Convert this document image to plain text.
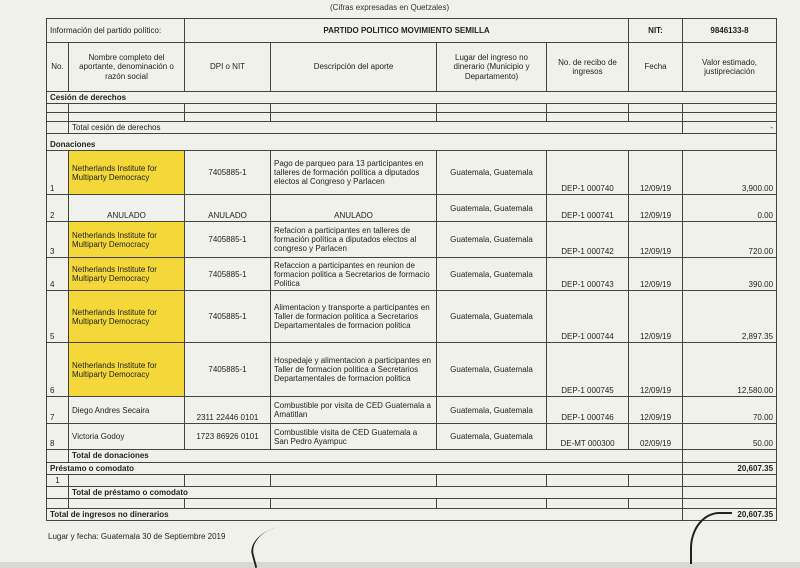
(Cifras expresadas en Quetzales)
Información del partido político:		PARTIDO POLITICO MOVIMIENTO SEMILLA				NIT:	9846133-8
No.	Nombre completo del aportante, denominación o razón social	DPI o NIT	Descripción del aporte	Lugar del ingreso no dinerario (Municipio y Departamento)	No. de recibo de ingresos	Fecha	Valor estimado, justipreciación
Cesión de derechos							

	Total cesión de derechos						-
Donaciones							
1	Netherlands Institute for Multiparty Democracy	7405885-1	Pago de parqueo para 13 participantes en talleres de formación política a diputados electos al Congreso y Parlacen	Guatemala, Guatemala	DEP-1 000740	12/09/19	3,900.00
2	ANULADO	ANULADO	ANULADO	Guatemala, Guatemala	DEP-1 000741	12/09/19	0.00
3	Netherlands Institute for Multiparty Democracy	7405885-1	Refacion a participantes en talleres de formación política a diputados electos al congreso y Parlacen	Guatemala, Guatemala	DEP-1 000742	12/09/19	720.00
4	Netherlands Institute for Multiparty Democracy	7405885-1	Refaccion a participantes en reunion de formacion politica a Secretarios de formacio Politica	Guatemala, Guatemala	DEP-1 000743	12/09/19	390.00
5	Netherlands Institute for Multiparty Democracy	7405885-1	Alimentacion y transporte a participantes en Taller de formacion politica a Secretarios Departamentales de formacion politica	Guatemala, Guatemala	DEP-1 000744	12/09/19	2,897.35
6	Netherlands Institute for Multiparty Democracy	7405885-1	Hospedaje y alimentacion a participantes en Taller de formacion politica a Secretarios Departamentales de formacion politica	Guatemala, Guatemala	DEP-1 000745	12/09/19	12,580.00
7	Diego Andres Secaira	2311 22446 0101	Combustible por visita de CED Guatemala a Amatitlan	Guatemala, Guatemala	DEP-1 000746	12/09/19	70.00
8	Victoria Godoy	1723 86926 0101	Combustible visita de CED Guatemala a San Pedro Ayampuc	Guatemala, Guatemala	DE-MT 000300	02/09/19	50.00
	Total de donaciones						
Préstamo o comodato							20,607.35
1							
	Total de préstamo o comodato						

Total de ingresos no dinerarios							20,607.35
Lugar y fecha: Guatemala 30 de Septiembre 2019
